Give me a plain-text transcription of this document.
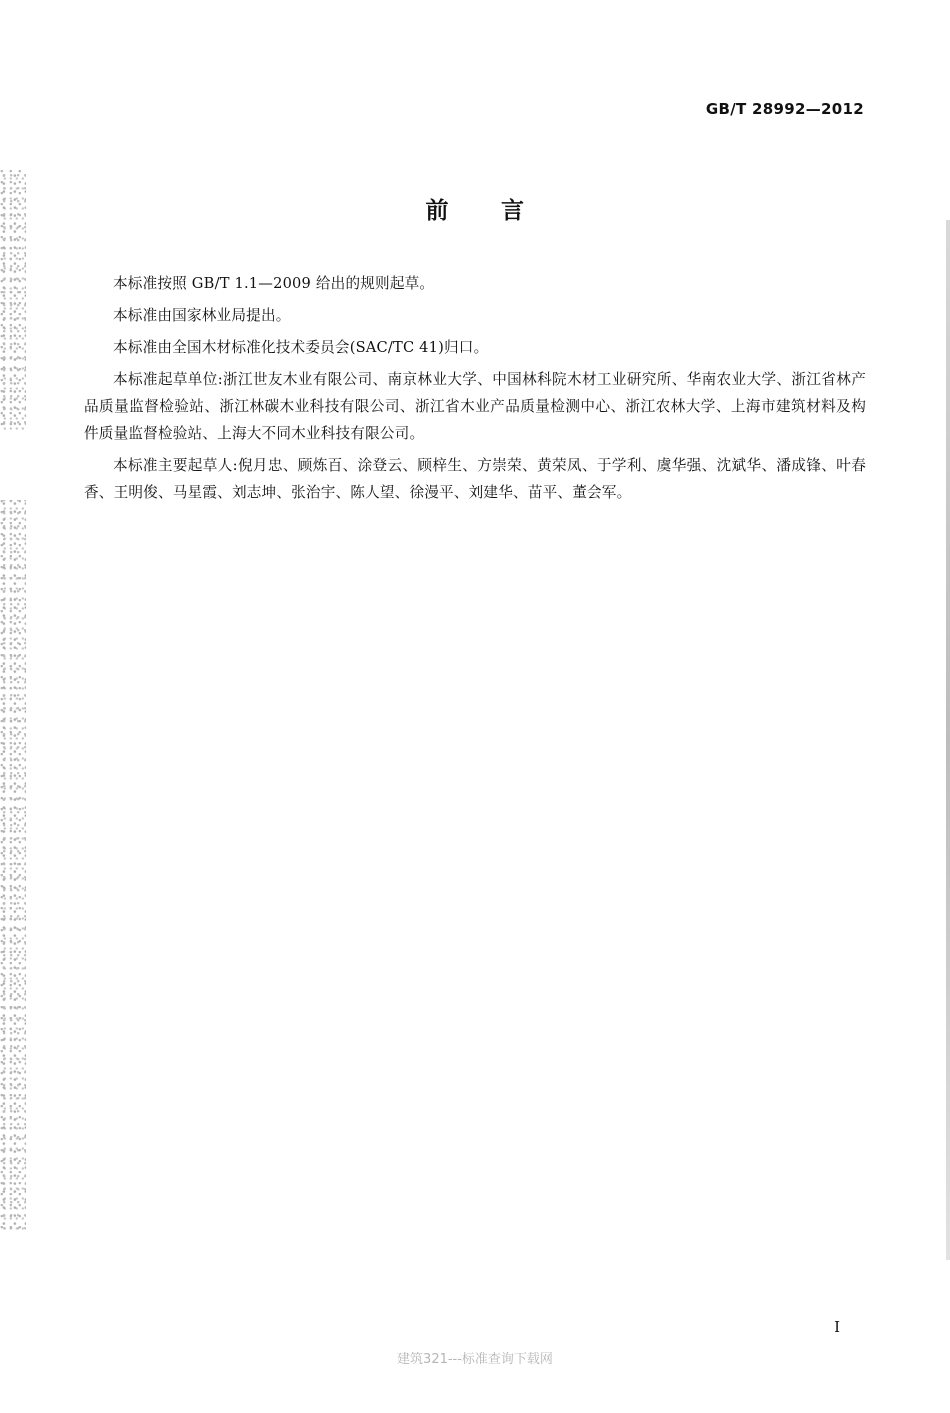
GB/T 28992—2012
前 言

本标准按照 GB/T 1.1—2009 给出的规则起草。

本标准由国家林业局提出。

本标准由全国木材标准化技术委员会(SAC/TC 41)归口。

本标准起草单位:浙江世友木业有限公司、南京林业大学、中国林科院木材工业研究所、华南农业大学、浙江省林产品质量监督检验站、浙江林碳木业科技有限公司、浙江省木业产品质量检测中心、浙江农林大学、上海市建筑材料及构件质量监督检验站、上海大不同木业科技有限公司。

本标准主要起草人:倪月忠、顾炼百、涂登云、顾梓生、方崇荣、黄荣凤、于学利、虞华强、沈斌华、潘成锋、叶春香、王明俊、马星霞、刘志坤、张治宇、陈人望、徐漫平、刘建华、苗平、董会军。

I
建筑321---标准查询下载网
